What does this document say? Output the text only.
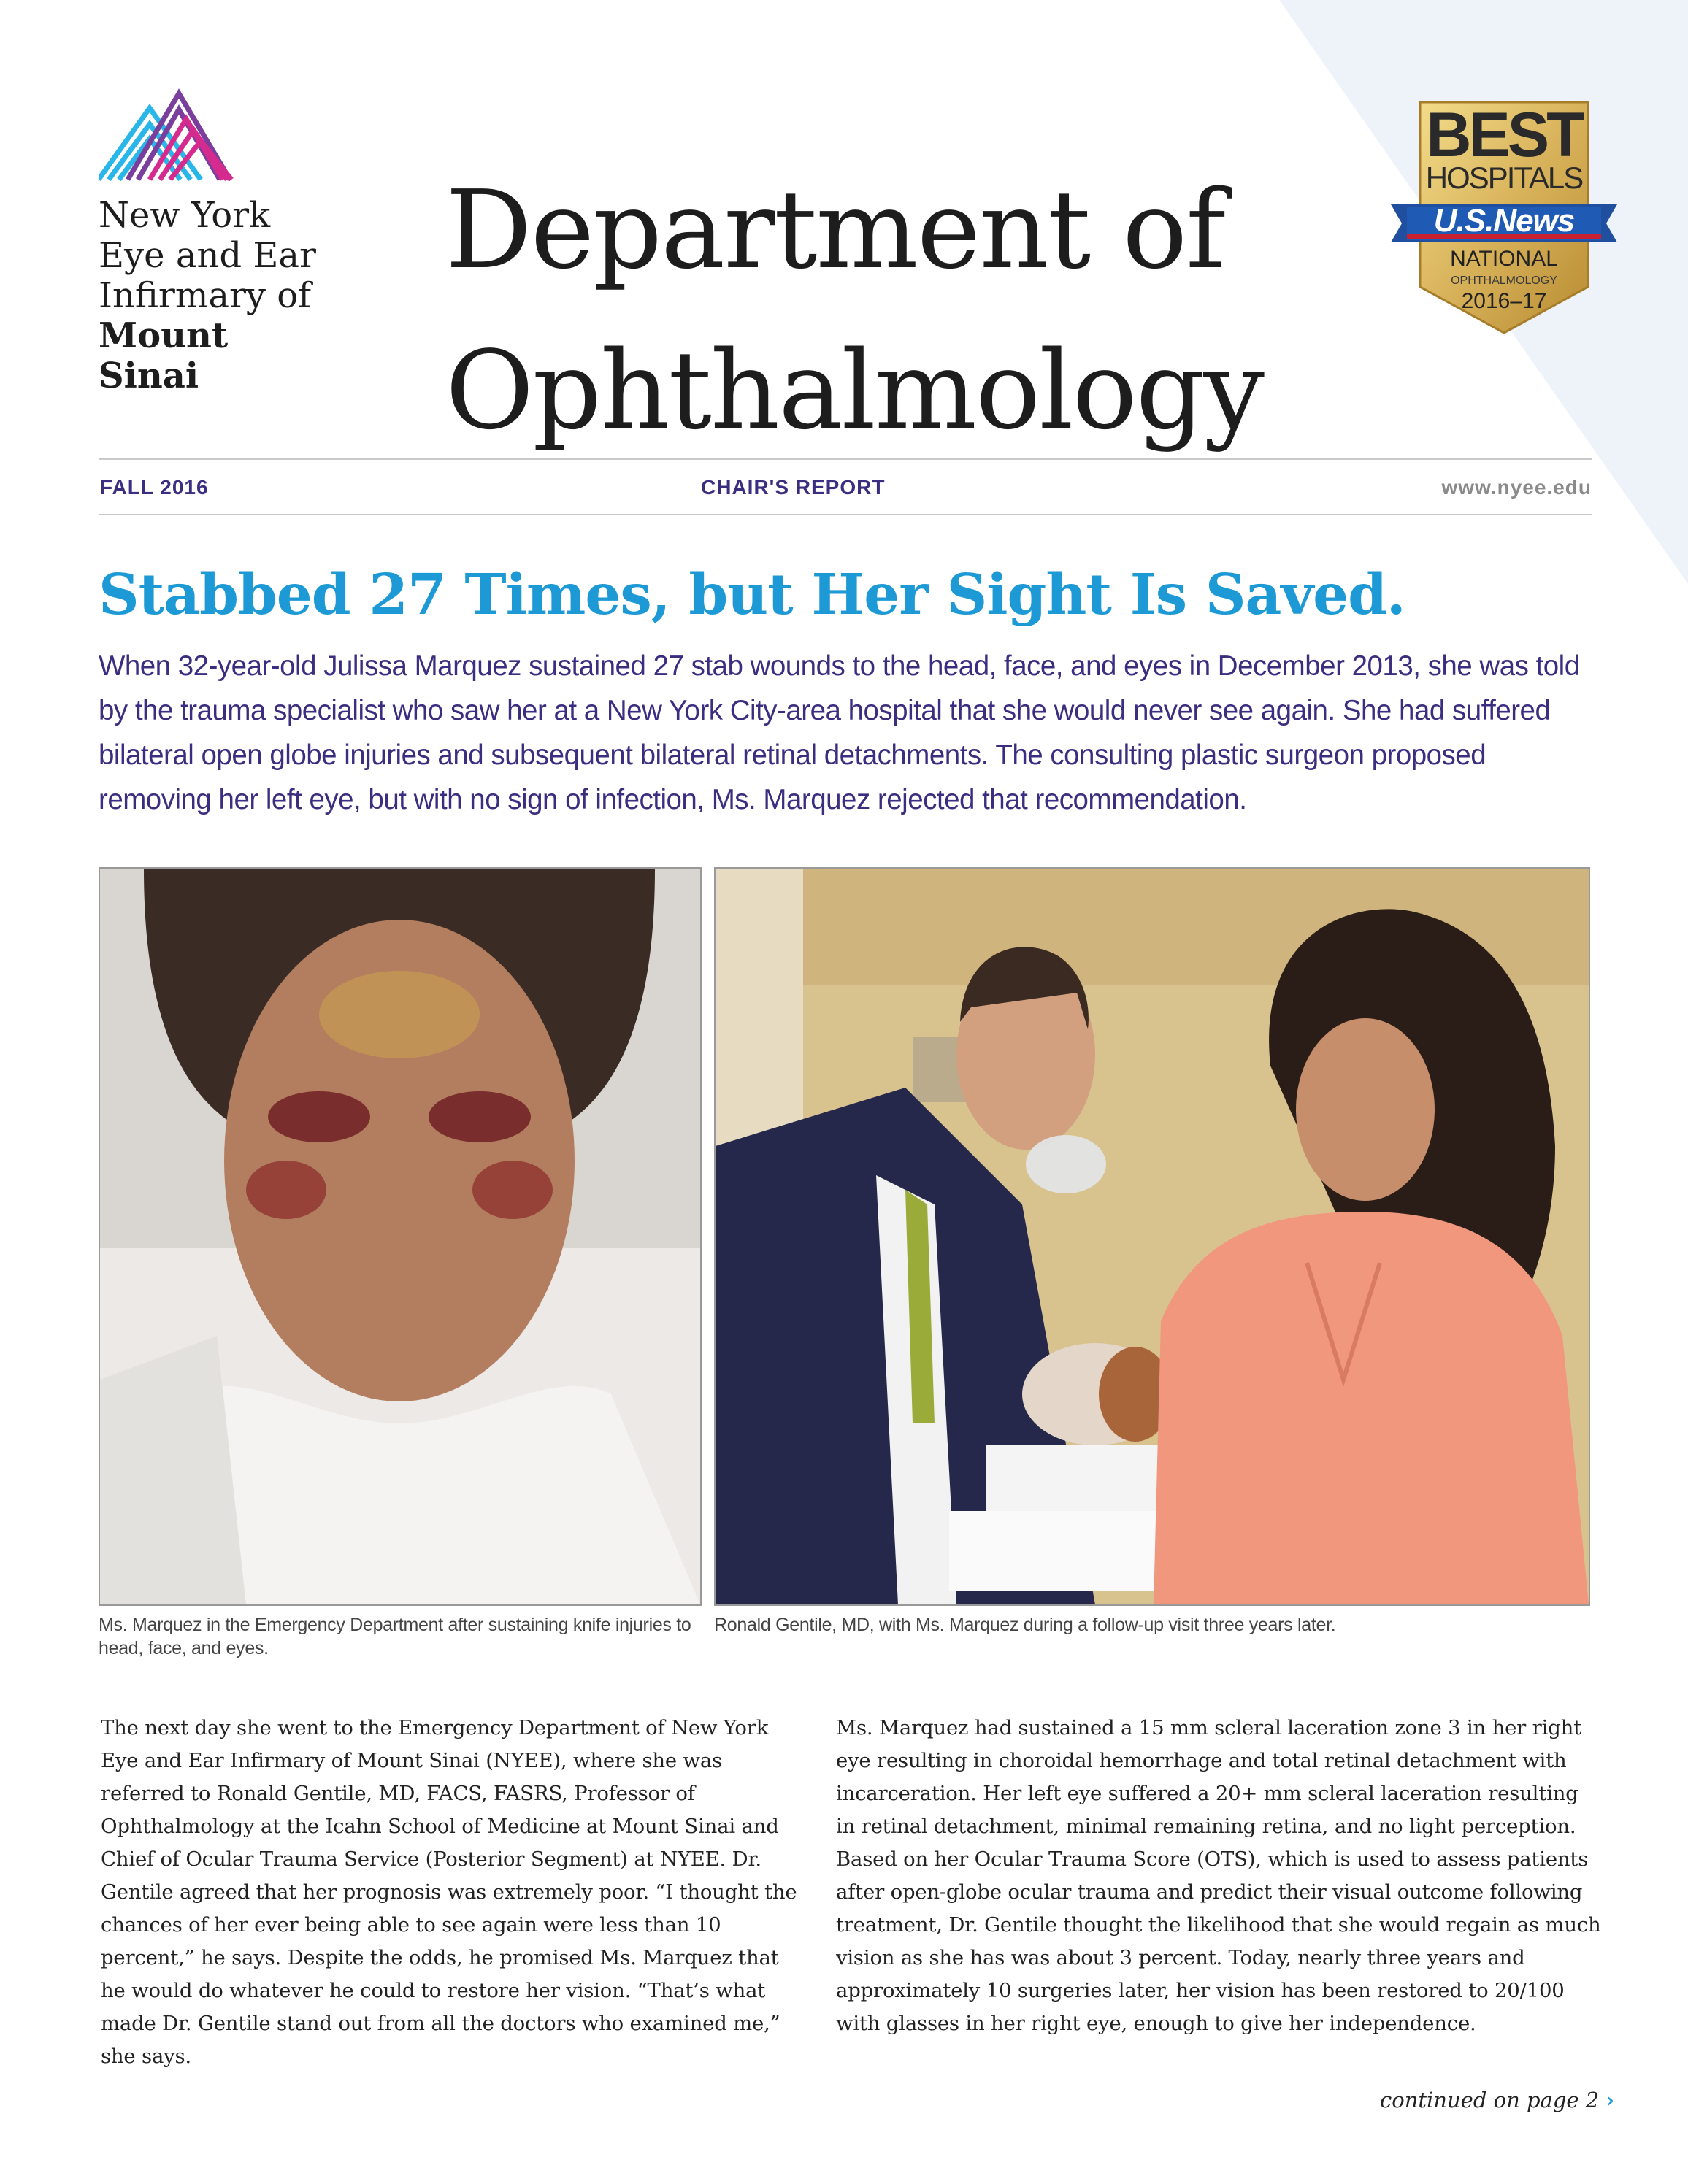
New York
Eye and Ear
Infirmary of
Mount
Sinai
Department of
Ophthalmology
BEST
HOSPITALS
U.S.News
NATIONAL
OPHTHALMOLOGY
2016–17
FALL 2016	CHAIR'S REPORT	www.nyee.edu
Stabbed 27 Times, but Her Sight Is Saved.

When 32-year-old Julissa Marquez sustained 27 stab wounds to the head, face, and eyes in December 2013, she was told by the trauma specialist who saw her at a New York City-area hospital that she would never see again. She had suffered bilateral open globe injuries and subsequent bilateral retinal detachments. The consulting plastic surgeon proposed removing her left eye, but with no sign of infection, Ms. Marquez rejected that recommendation.

Ms. Marquez in the Emergency Department after sustaining knife injuries to head, face, and eyes.
Ronald Gentile, MD, with Ms. Marquez during a follow-up visit three years later.

The next day she went to the Emergency Department of New York Eye and Ear Infirmary of Mount Sinai (NYEE), where she was referred to Ronald Gentile, MD, FACS, FASRS, Professor of Ophthalmology at the Icahn School of Medicine at Mount Sinai and Chief of Ocular Trauma Service (Posterior Segment) at NYEE. Dr. Gentile agreed that her prognosis was extremely poor. “I thought the chances of her ever being able to see again were less than 10 percent,” he says. Despite the odds, he promised Ms. Marquez that he would do whatever he could to restore her vision. “That’s what made Dr. Gentile stand out from all the doctors who examined me,” she says.

Ms. Marquez had sustained a 15 mm scleral laceration zone 3 in her right eye resulting in choroidal hemorrhage and total retinal detachment with incarceration. Her left eye suffered a 20+ mm scleral laceration resulting in retinal detachment, minimal remaining retina, and no light perception. Based on her Ocular Trauma Score (OTS), which is used to assess patients after open-globe ocular trauma and predict their visual outcome following treatment, Dr. Gentile thought the likelihood that she would regain as much vision as she has was about 3 percent. Today, nearly three years and approximately 10 surgeries later, her vision has been restored to 20/100 with glasses in her right eye, enough to give her independence.

continued on page 2 ›
